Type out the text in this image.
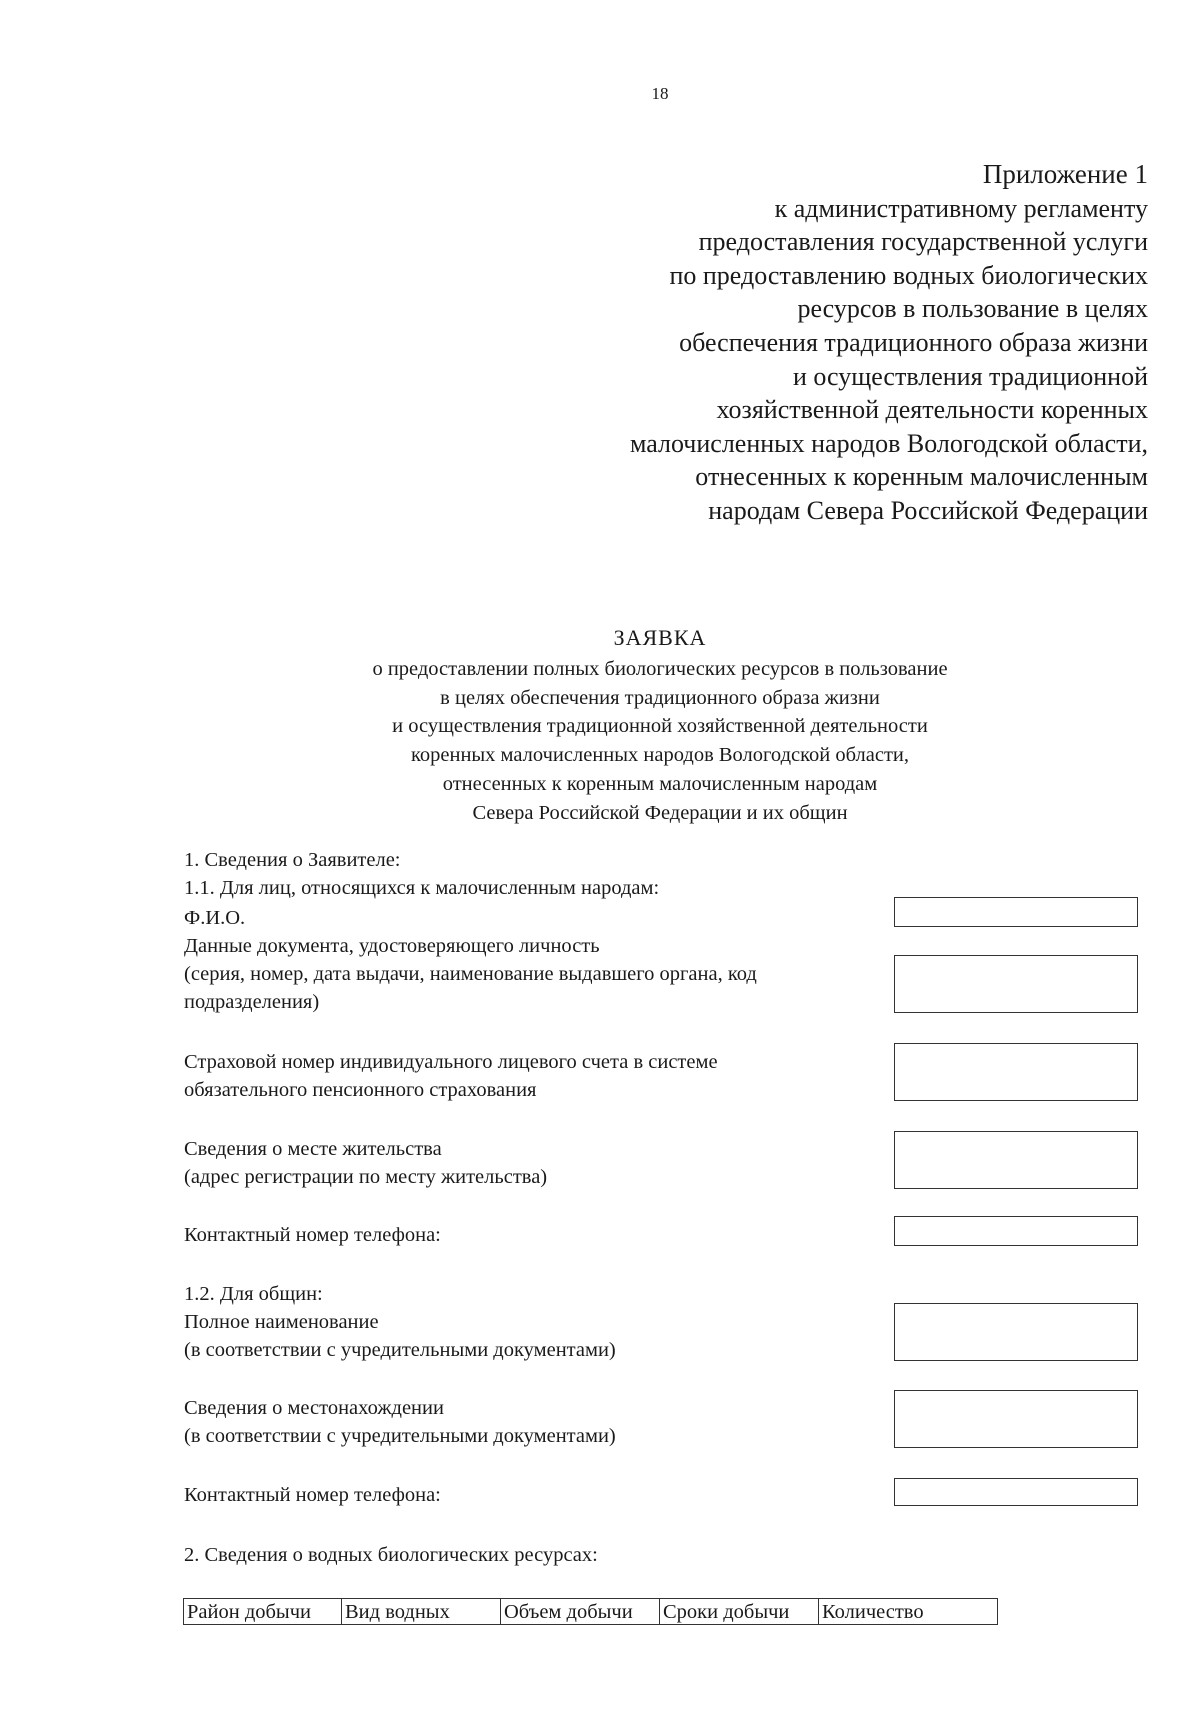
18
Приложение 1
к административному регламенту
предоставления государственной услуги
по предоставлению водных биологических
ресурсов в пользование в целях
обеспечения традиционного образа жизни
и осуществления традиционной
хозяйственной деятельности коренных
малочисленных народов Вологодской области,
отнесенных к коренным малочисленным
народам Севера Российской Федерации
ЗАЯВКА
о предоставлении полных биологических ресурсов в пользование
в целях обеспечения традиционного образа жизни
и осуществления традиционной хозяйственной деятельности
коренных малочисленных народов Вологодской области,
отнесенных к коренным малочисленным народам
Севера Российской Федерации и их общин
1. Сведения о Заявителе:
1.1. Для лиц, относящихся к малочисленным народам:
Ф.И.О.
Данные документа, удостоверяющего личность
(серия, номер, дата выдачи, наименование выдавшего органа, код
подразделения)
Страховой номер индивидуального лицевого счета в системе
обязательного пенсионного страхования
Сведения о месте жительства
(адрес регистрации по месту жительства)
Контактный номер телефона:
1.2. Для общин:
Полное наименование
(в соответствии с учредительными документами)
Сведения о местонахождении
(в соответствии с учредительными документами)
Контактный номер телефона:
2. Сведения о водных биологических ресурсах:
Район добычи	Вид водных	Объем добычи	Сроки добычи	Количество
